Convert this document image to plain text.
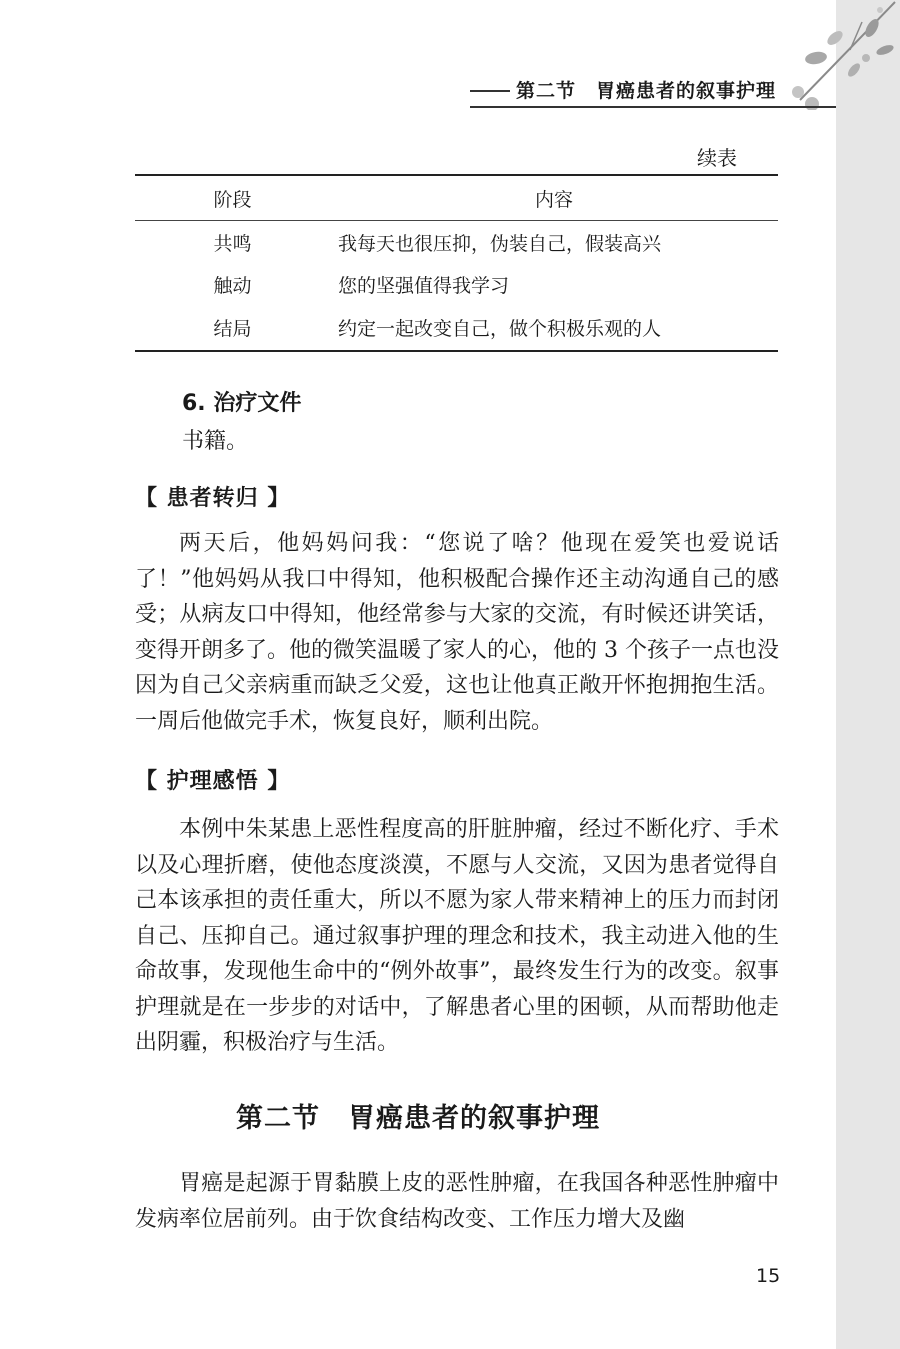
第二节　胃癌患者的叙事护理
续表
阶段	内容
共鸣	我每天也很压抑，伪装自己，假装高兴
触动	您的坚强值得我学习
结局	约定一起改变自己，做个积极乐观的人
6. 治疗文件
书籍。
【 患者转归 】

两天后，他妈妈问我：“您说了啥？他现在爱笑也爱说话了！”他妈妈从我口中得知，他积极配合操作还主动沟通自己的感受；从病友口中得知，他经常参与大家的交流，有时候还讲笑话，变得开朗多了。他的微笑温暖了家人的心，他的 3 个孩子一点也没因为自己父亲病重而缺乏父爱，这也让他真正敞开怀抱拥抱生活。一周后他做完手术，恢复良好，顺利出院。

【 护理感悟 】

本例中朱某患上恶性程度高的肝脏肿瘤，经过不断化疗、手术以及心理折磨，使他态度淡漠，不愿与人交流，又因为患者觉得自己本该承担的责任重大，所以不愿为家人带来精神上的压力而封闭自己、压抑自己。通过叙事护理的理念和技术，我主动进入他的生命故事，发现他生命中的“例外故事”，最终发生行为的改变。叙事护理就是在一步步的对话中，了解患者心里的困顿，从而帮助他走出阴霾，积极治疗与生活。

第二节　胃癌患者的叙事护理

胃癌是起源于胃黏膜上皮的恶性肿瘤，在我国各种恶性肿瘤中发病率位居前列。由于饮食结构改变、工作压力增大及幽

15
